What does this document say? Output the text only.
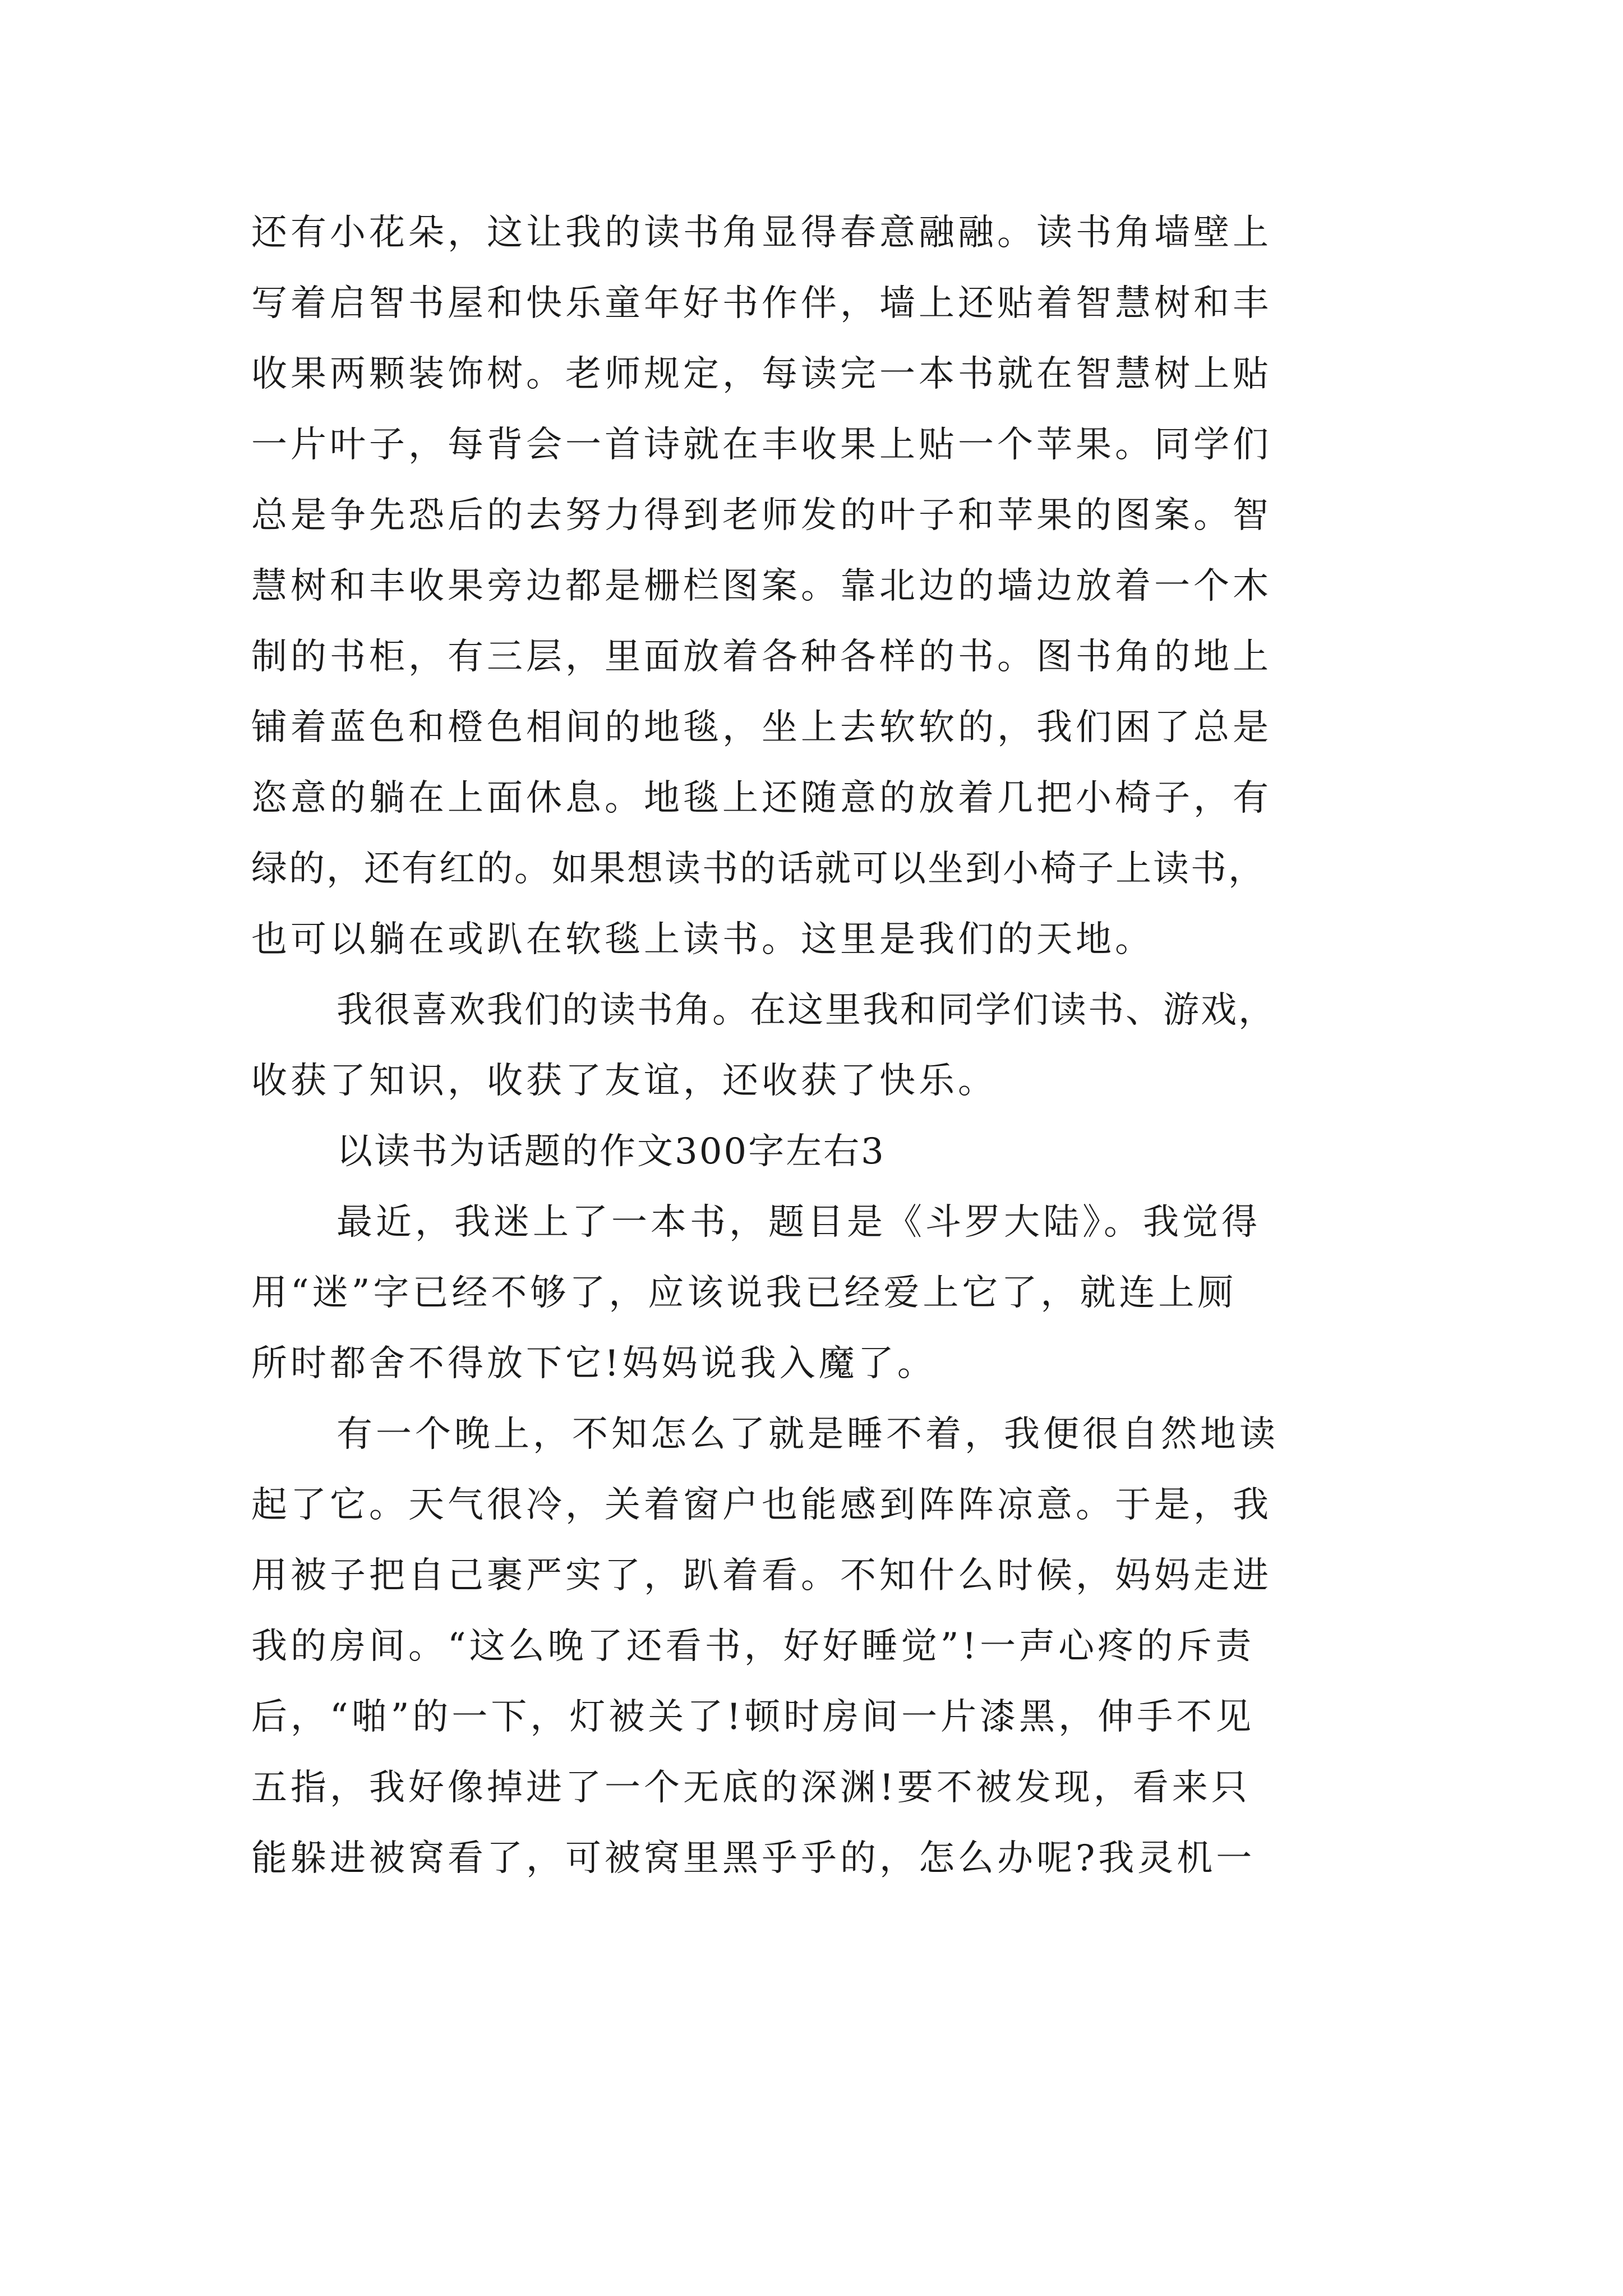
还有小花朵，这让我的读书角显得春意融融。读书角墙壁上
写着启智书屋和快乐童年好书作伴，墙上还贴着智慧树和丰
收果两颗装饰树。老师规定，每读完一本书就在智慧树上贴
一片叶子，每背会一首诗就在丰收果上贴一个苹果。同学们
总是争先恐后的去努力得到老师发的叶子和苹果的图案。智
慧树和丰收果旁边都是栅栏图案。靠北边的墙边放着一个木
制的书柜，有三层，里面放着各种各样的书。图书角的地上
铺着蓝色和橙色相间的地毯，坐上去软软的，我们困了总是
恣意的躺在上面休息。地毯上还随意的放着几把小椅子，有
绿的，还有红的。如果想读书的话就可以坐到小椅子上读书，
也可以躺在或趴在软毯上读书。这里是我们的天地。
我很喜欢我们的读书角。在这里我和同学们读书、游戏，
收获了知识，收获了友谊，还收获了快乐。
以读书为话题的作文300字左右3
最近，我迷上了一本书，题目是《斗罗大陆》。我觉得
用“迷”字已经不够了，应该说我已经爱上它了，就连上厕
所时都舍不得放下它!妈妈说我入魔了。
有一个晚上，不知怎么了就是睡不着，我便很自然地读
起了它。天气很冷，关着窗户也能感到阵阵凉意。于是，我
用被子把自己裹严实了，趴着看。不知什么时候，妈妈走进
我的房间。“这么晚了还看书，好好睡觉”!一声心疼的斥责
后，“啪”的一下，灯被关了!顿时房间一片漆黑，伸手不见
五指，我好像掉进了一个无底的深渊!要不被发现，看来只
能躲进被窝看了，可被窝里黑乎乎的，怎么办呢?我灵机一
